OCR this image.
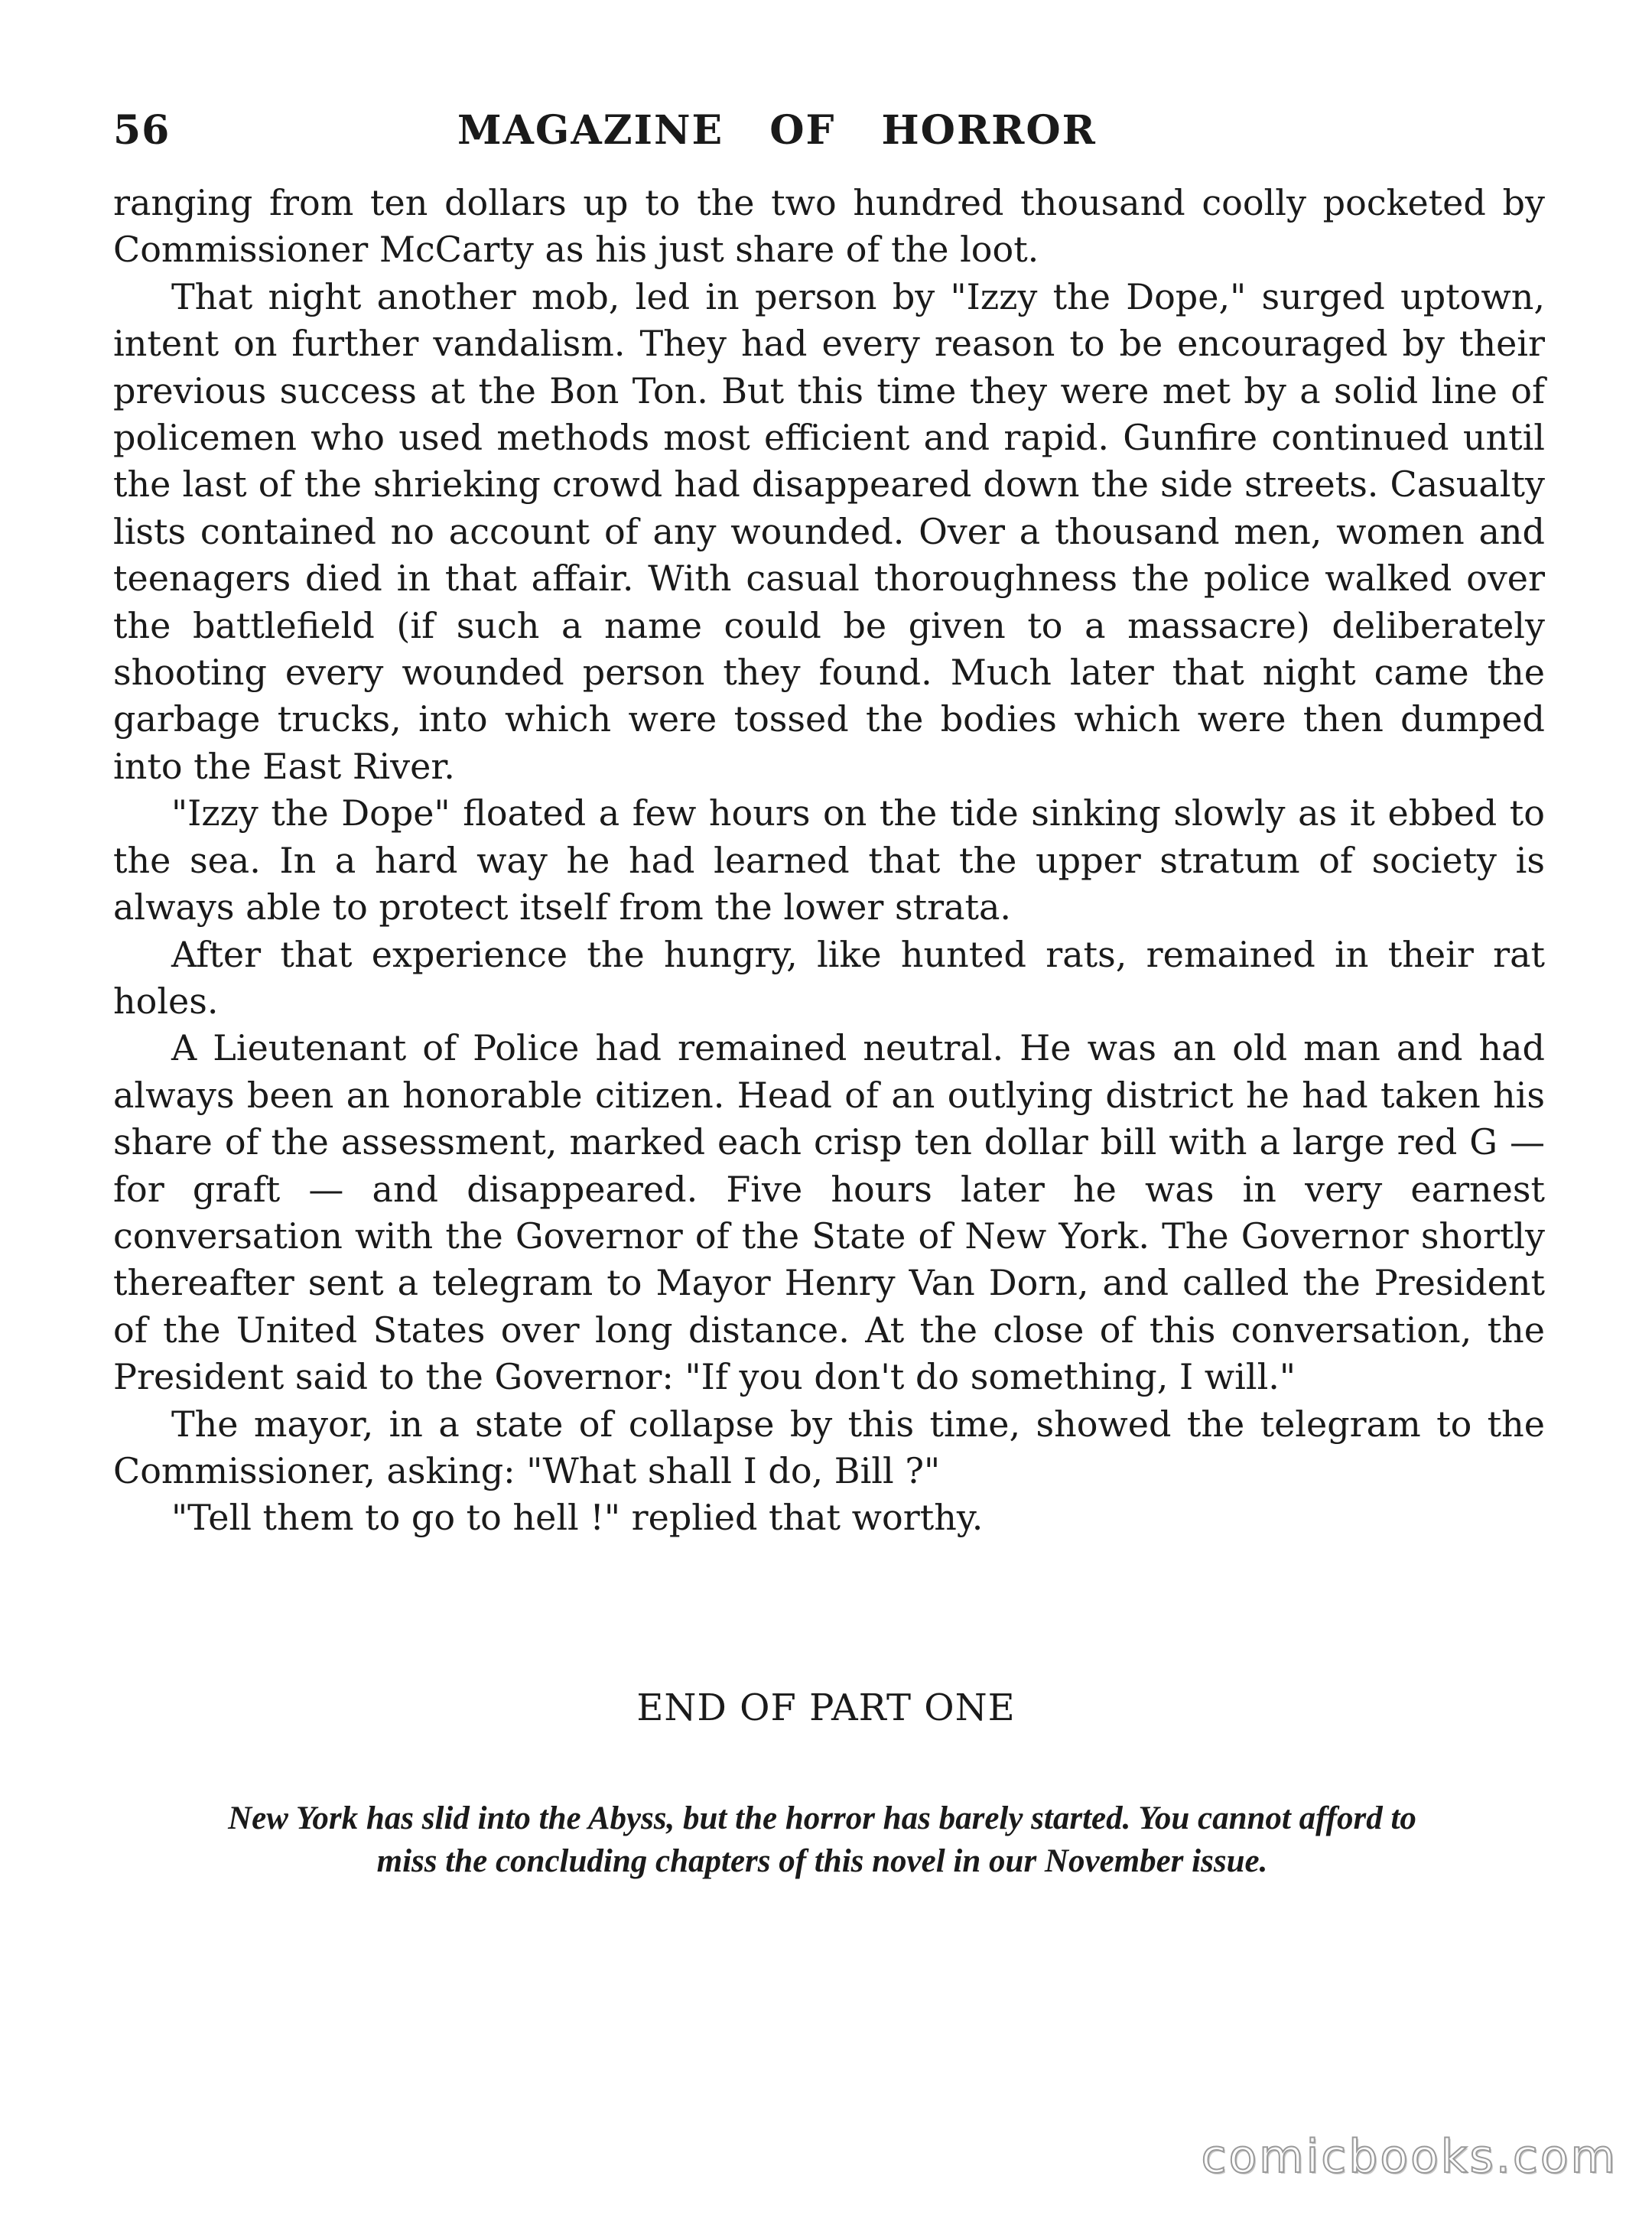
56	MAGAZINE OF HORROR

ranging from ten dollars up to the two hundred thousand coolly pocketed by Commissioner McCarty as his just share of the loot.

That night another mob, led in person by "Izzy the Dope," surged uptown, intent on further vandalism. They had every reason to be encouraged by their previous success at the Bon Ton. But this time they were met by a solid line of policemen who used methods most efficient and rapid. Gunfire continued until the last of the shrieking crowd had disappeared down the side streets. Casualty lists contained no account of any wounded. Over a thousand men, women and teenagers died in that affair. With casual thoroughness the police walked over the battlefield (if such a name could be given to a massacre) deliberately shooting every wounded person they found. Much later that night came the garbage trucks, into which were tossed the bodies which were then dumped into the East River.

"Izzy the Dope" floated a few hours on the tide sinking slowly as it ebbed to the sea. In a hard way he had learned that the upper stratum of society is always able to protect itself from the lower strata.

After that experience the hungry, like hunted rats, remained in their rat holes.

A Lieutenant of Police had remained neutral. He was an old man and had always been an honorable citizen. Head of an outlying district he had taken his share of the assessment, marked each crisp ten dollar bill with a large red G — for graft — and disappeared. Five hours later he was in very earnest conversation with the Governor of the State of New York. The Governor shortly thereafter sent a telegram to Mayor Henry Van Dorn, and called the President of the United States over long distance. At the close of this conversation, the President said to the Governor: "If you don't do something, I will."

The mayor, in a state of collapse by this time, showed the telegram to the Commissioner, asking: "What shall I do, Bill ?"

"Tell them to go to hell !" replied that worthy.

END OF PART ONE
New York has slid into the Abyss, but the horror has barely started. You cannot afford to miss the concluding chapters of this novel in our November issue.
comicbooks.com
